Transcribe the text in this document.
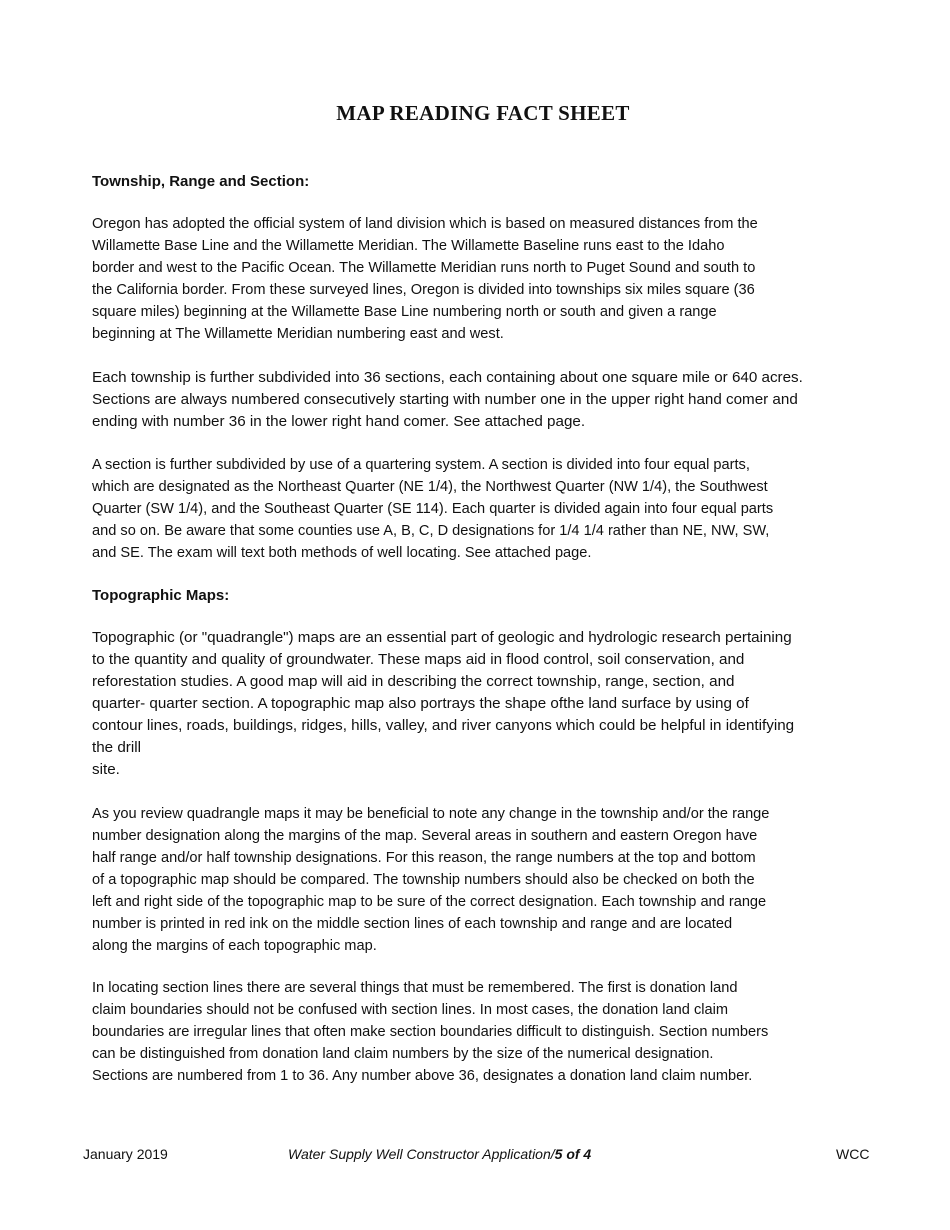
MAP READING FACT SHEET
Township, Range and Section:

Oregon has adopted the official system of land division which is based on measured distances from the
Willamette Base Line and the Willamette Meridian. The Willamette Baseline runs east to the Idaho
border and west to the Pacific Ocean. The Willamette Meridian runs north to Puget Sound and south to
the California border. From these surveyed lines, Oregon is divided into townships six miles square (36
square miles) beginning at the Willamette Base Line numbering north or south and given a range
beginning at The Willamette Meridian numbering east and west.

Each township is further subdivided into 36 sections, each containing about one square mile or 640 acres.
Sections are always numbered consecutively starting with number one in the upper right hand comer and
ending with number 36 in the lower right hand comer. See attached page.

A section is further subdivided by use of a quartering system. A section is divided into four equal parts,
which are designated as the Northeast Quarter (NE 1/4), the Northwest Quarter (NW 1/4), the Southwest
Quarter (SW 1/4), and the Southeast Quarter (SE 114). Each quarter is divided again into four equal parts
and so on. Be aware that some counties use A, B, C, D designations for 1/4 1/4 rather than NE, NW, SW,
and SE. The exam will text both methods of well locating. See attached page.

Topographic Maps:

Topographic (or "quadrangle") maps are an essential part of geologic and hydrologic research pertaining
to the quantity and quality of groundwater. These maps aid in flood control, soil conservation, and
reforestation studies. A good map will aid in describing the correct township, range, section, and
quarter- quarter section. A topographic map also portrays the shape ofthe land surface by using of
contour lines, roads, buildings, ridges, hills, valley, and river canyons which could be helpful in identifying
the drill
site.

As you review quadrangle maps it may be beneficial to note any change in the township and/or the range
number designation along the margins of the map. Several areas in southern and eastern Oregon have
half range and/or half township designations. For this reason, the range numbers at the top and bottom
of a topographic map should be compared. The township numbers should also be checked on both the
left and right side of the topographic map to be sure of the correct designation. Each township and range
number is printed in red ink on the middle section lines of each township and range and are located
along the margins of each topographic map.

In locating section lines there are several things that must be remembered. The first is donation land
claim boundaries should not be confused with section lines. In most cases, the donation land claim
boundaries are irregular lines that often make section boundaries difficult to distinguish. Section numbers
can be distinguished from donation land claim numbers by the size of the numerical designation.
Sections are numbered from 1 to 36. Any number above 36, designates a donation land claim number.

January 2019	Water Supply Well Constructor Application/5 of 4	WCC
